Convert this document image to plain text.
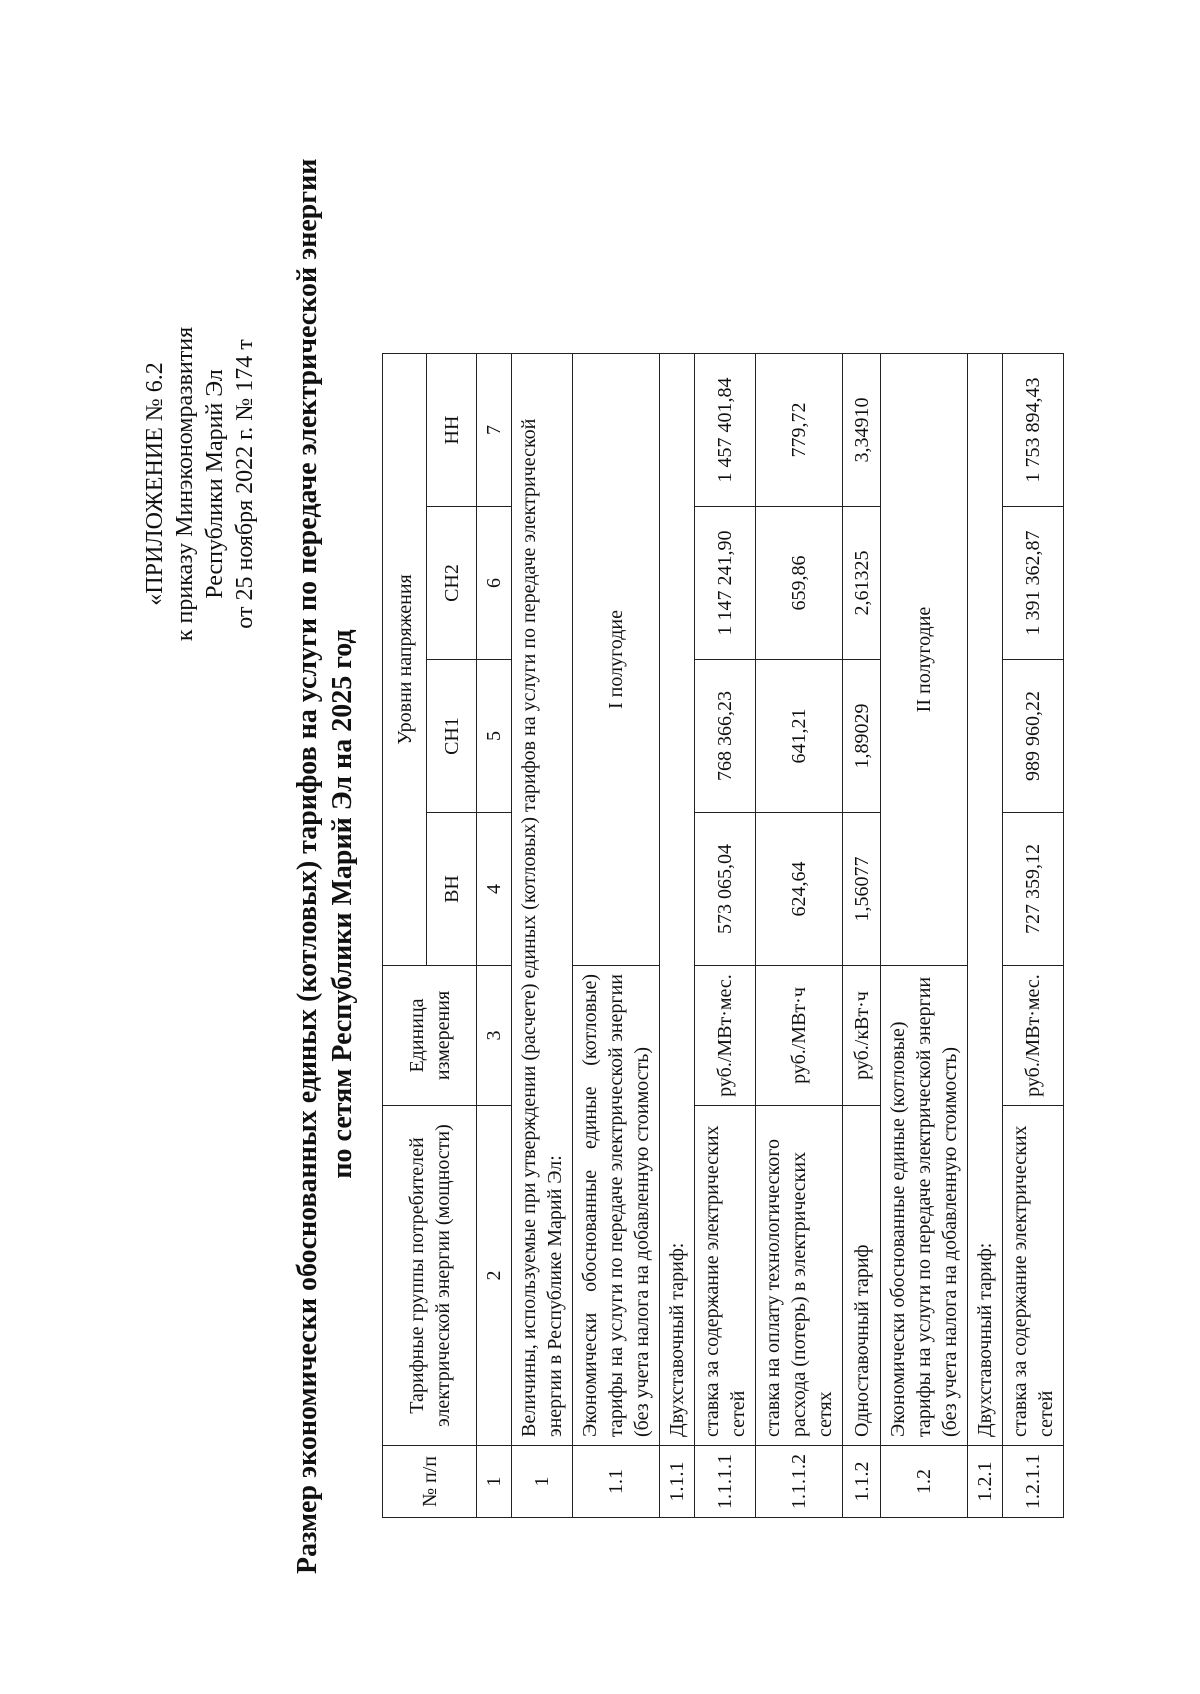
«ПРИЛОЖЕНИЕ № 6.2 к приказу Минэкономразвития Республики Марий Эл от 25 ноября 2022 г. № 174 т Размер экономически обоснованных единых (котловых) тарифов на услуги по передаче электрической энергии по сетям Республики Марий Эл на 2025 год
№ п/п	Тарифные группы потребителей электрической энергии (мощности)	Единица измерения	Уровни напряжения			
			ВН	СН1	СН2	НН
1	2	3	4	5	6	7
1	Величины, используемые при утверждении (расчете) единых (котловых) тарифов на услуги по передаче электрической энергии в Республике Марий Эл:					
1.1	Экономически обоснованные единые (котловые) тарифы на услуги по передаче электрической энергии (без учета налога на добавленную стоимость)		I полугодие			
1.1.1	Двухставочный тариф:					
1.1.1.1	ставка за содержание электрических сетей	руб./МВт·мес.	573 065,04	768 366,23	1 147 241,90	1 457 401,84
1.1.1.2	ставка на оплату технологического расхода (потерь) в электрических сетях	руб./МВт·ч	624,64	641,21	659,86	779,72
1.1.2	Одноставочный тариф	руб./кВт·ч	1,56077	1,89029	2,61325	3,34910
1.2	Экономически обоснованные единые (котловые) тарифы на услуги по передаче электрической энергии (без учета налога на добавленную стоимость)		II полугодие			
1.2.1	Двухставочный тариф:					
1.2.1.1	ставка за содержание электрических сетей	руб./МВт·мес.	727 359,12	989 960,22	1 391 362,87	1 753 894,43
